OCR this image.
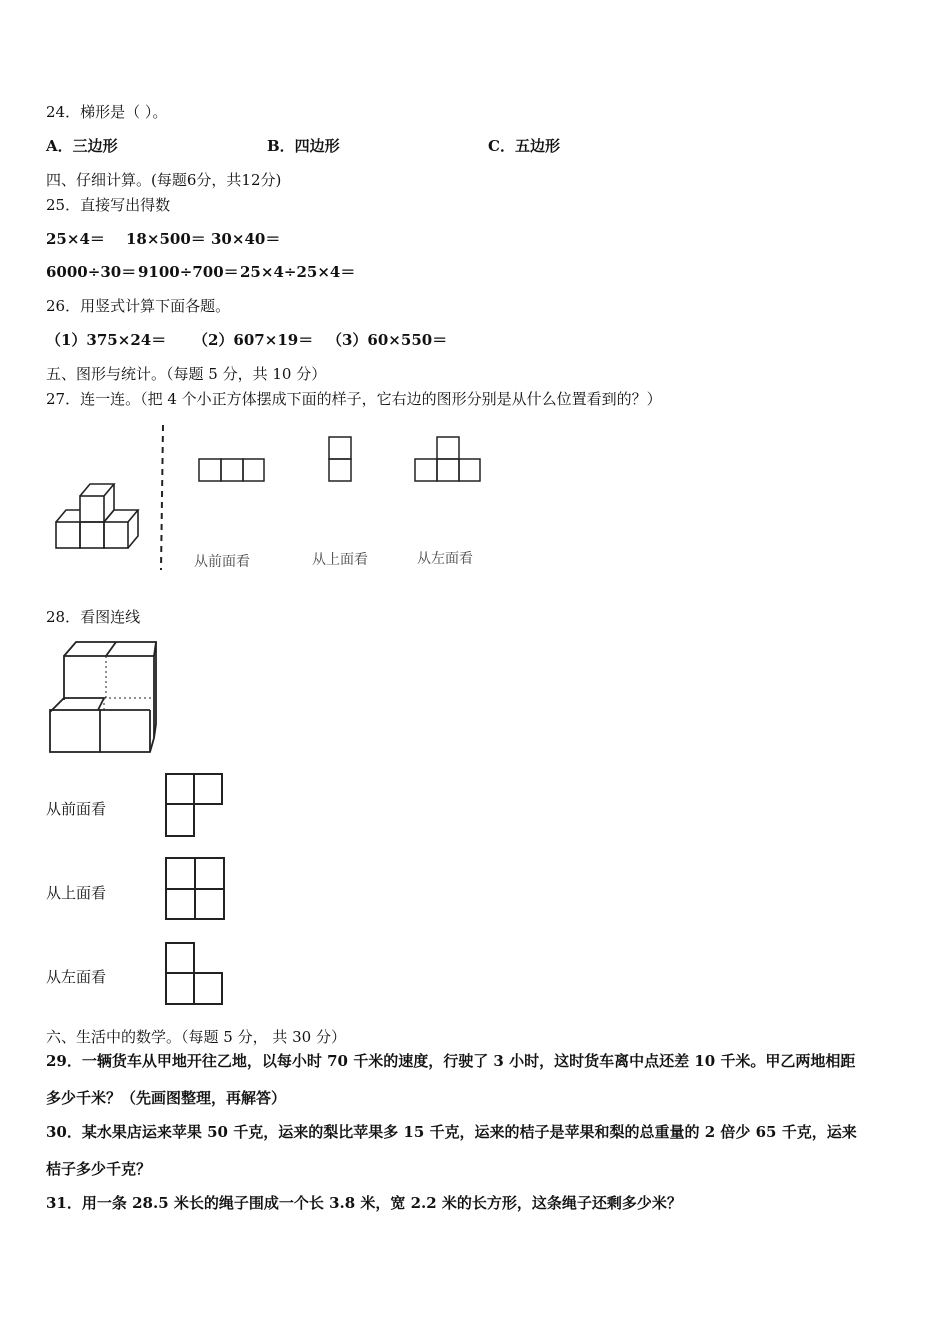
24．梯形是（ ）。
A．三边形	B．四边形	C．五边形
四、仔细计算。(每题6分，共12分)
25．直接写出得数
25×4＝ 18×500＝ 30×40＝
6000÷30＝ 9100÷700＝ 25×4÷25×4＝
26．用竖式计算下面各题。
（1）375×24＝ （2）607×19＝ （3）60×550＝
五、图形与统计。（每题 5 分，共 10 分）
27．连一连。（把 4 个小正方体摆成下面的样子，它右边的图形分别是从什么位置看到的？）
从前面看	从上面看	从左面看
28．看图连线
从前面看
从上面看
从左面看
六、生活中的数学。（每题 5 分， 共 30 分）
29．一辆货车从甲地开往乙地，以每小时 70 千米的速度，行驶了 3 小时，这时货车离中点还差 10 千米。甲乙两地相距
多少千米？（先画图整理，再解答）
30．某水果店运来苹果 50 千克，运来的梨比苹果多 15 千克，运来的桔子是苹果和梨的总重量的 2 倍少 65 千克，运来
桔子多少千克？
31．用一条 28.5 米长的绳子围成一个长 3.8 米，宽 2.2 米的长方形，这条绳子还剩多少米？
